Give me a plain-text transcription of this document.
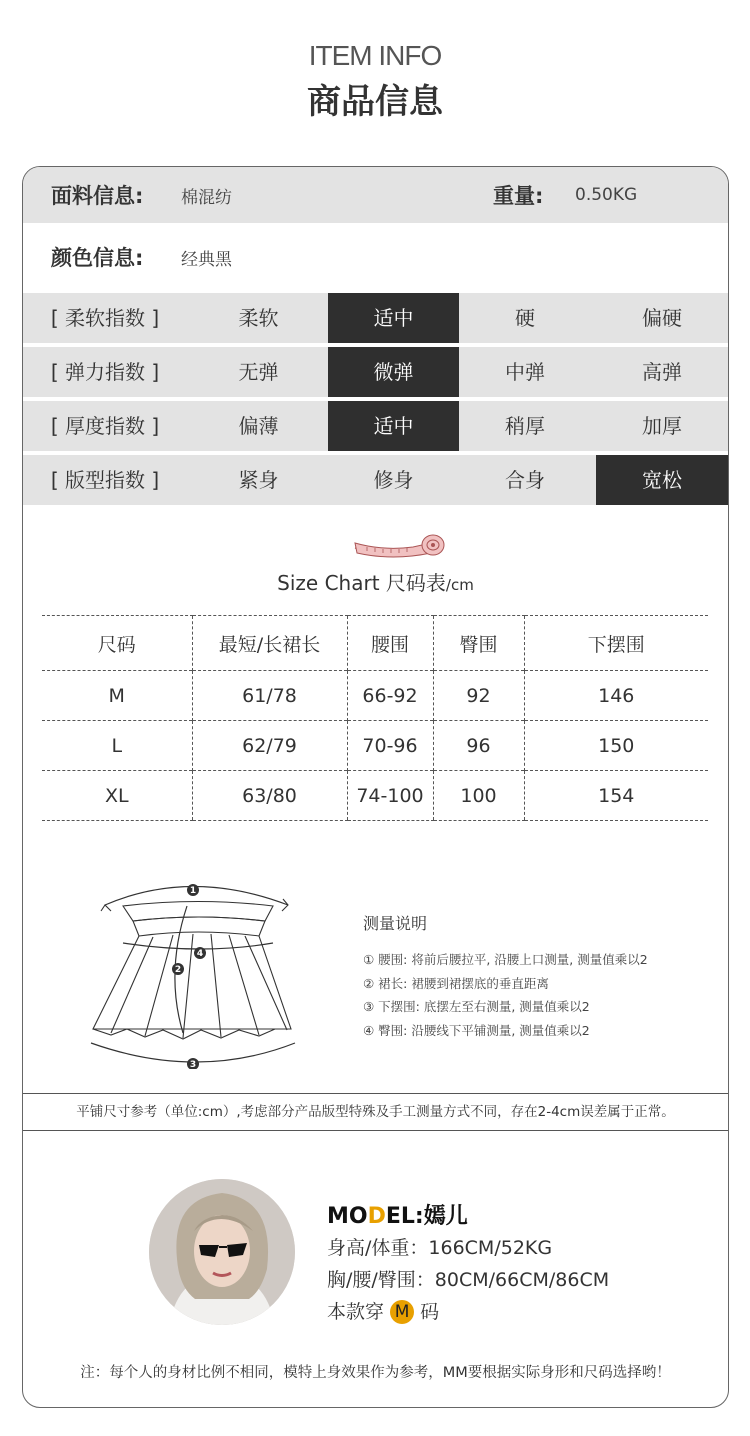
ITEM INFO
商品信息
面料信息: 棉混纺	重量: 0.50KG
颜色信息: 经典黑
[ 柔软指数 ]	柔软	适中	硬	偏硬
[ 弹力指数 ]	无弹	微弹	中弹	高弹
[ 厚度指数 ]	偏薄	适中	稍厚	加厚
[ 版型指数 ]	紧身	修身	合身	宽松
Size Chart 尺码表/cm
尺码	最短/长裙长	腰围	臀围	下摆围
M	61/78	66-92	92	146
L	62/79	70-96	96	150
XL	63/80	74-100	100	154
1
2
3
4
测量说明
① 腰围: 将前后腰拉平, 沿腰上口测量, 测量值乘以2
② 裙长: 裙腰到裙摆底的垂直距离
③ 下摆围: 底摆左至右测量, 测量值乘以2
④ 臀围: 沿腰线下平铺测量, 测量值乘以2
平铺尺寸参考（单位:cm）,考虑部分产品版型特殊及手工测量方式不同，存在2-4cm误差属于正常。
MODEL:嫣儿
身高/体重：166CM/52KG
胸/腰/臀围：80CM/66CM/86CM
本款穿 M 码
注：每个人的身材比例不相同，模特上身效果作为参考，MM要根据实际身形和尺码选择哟！
